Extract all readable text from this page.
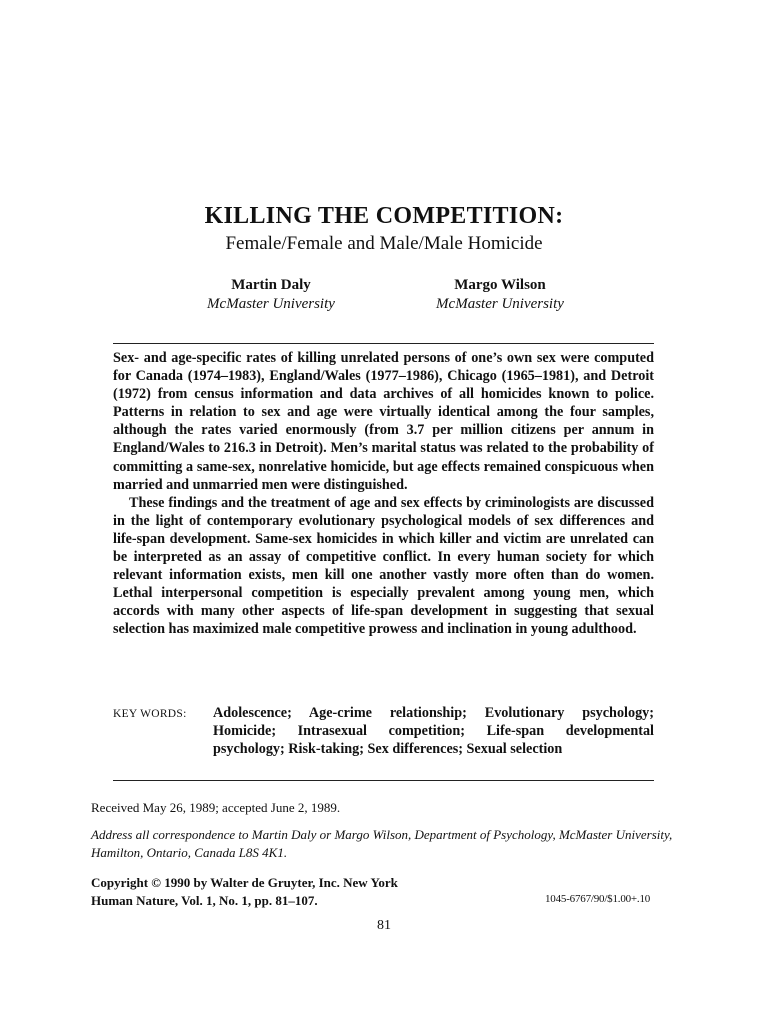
KILLING THE COMPETITION:
Female/Female and Male/Male Homicide
Martin Daly
McMaster University
Margo Wilson
McMaster University

Sex- and age-specific rates of killing unrelated persons of one’s own sex were computed for Canada (1974–1983), England/Wales (1977–1986), Chicago (1965–1981), and Detroit (1972) from census information and data archives of all homicides known to police. Patterns in relation to sex and age were virtually identical among the four samples, although the rates varied enormously (from 3.7 per million citizens per annum in England/Wales to 216.3 in Detroit). Men’s marital status was related to the probability of committing a same-sex, nonrelative homicide, but age effects remained conspicuous when married and unmarried men were distinguished.

These findings and the treatment of age and sex effects by criminologists are discussed in the light of contemporary evolutionary psychological models of sex differences and life-span development. Same-sex homicides in which killer and victim are unrelated can be interpreted as an assay of competitive conflict. In every human society for which relevant information exists, men kill one another vastly more often than do women. Lethal interpersonal competition is especially prevalent among young men, which accords with many other aspects of life-span development in suggesting that sexual selection has maximized male competitive prowess and inclination in young adulthood.

KEY WORDS: Adolescence; Age-crime relationship; Evolutionary psychology; Homicide; Intrasexual competition; Life-span developmental psychology; Risk-taking; Sex differences; Sexual selection
Received May 26, 1989; accepted June 2, 1989.
Address all correspondence to Martin Daly or Margo Wilson, Department of Psychology, McMaster University, Hamilton, Ontario, Canada L8S 4K1.
Copyright © 1990 by Walter de Gruyter, Inc. New York
Human Nature, Vol. 1, No. 1, pp. 81–107.	1045-6767/90/$1.00+.10
81
